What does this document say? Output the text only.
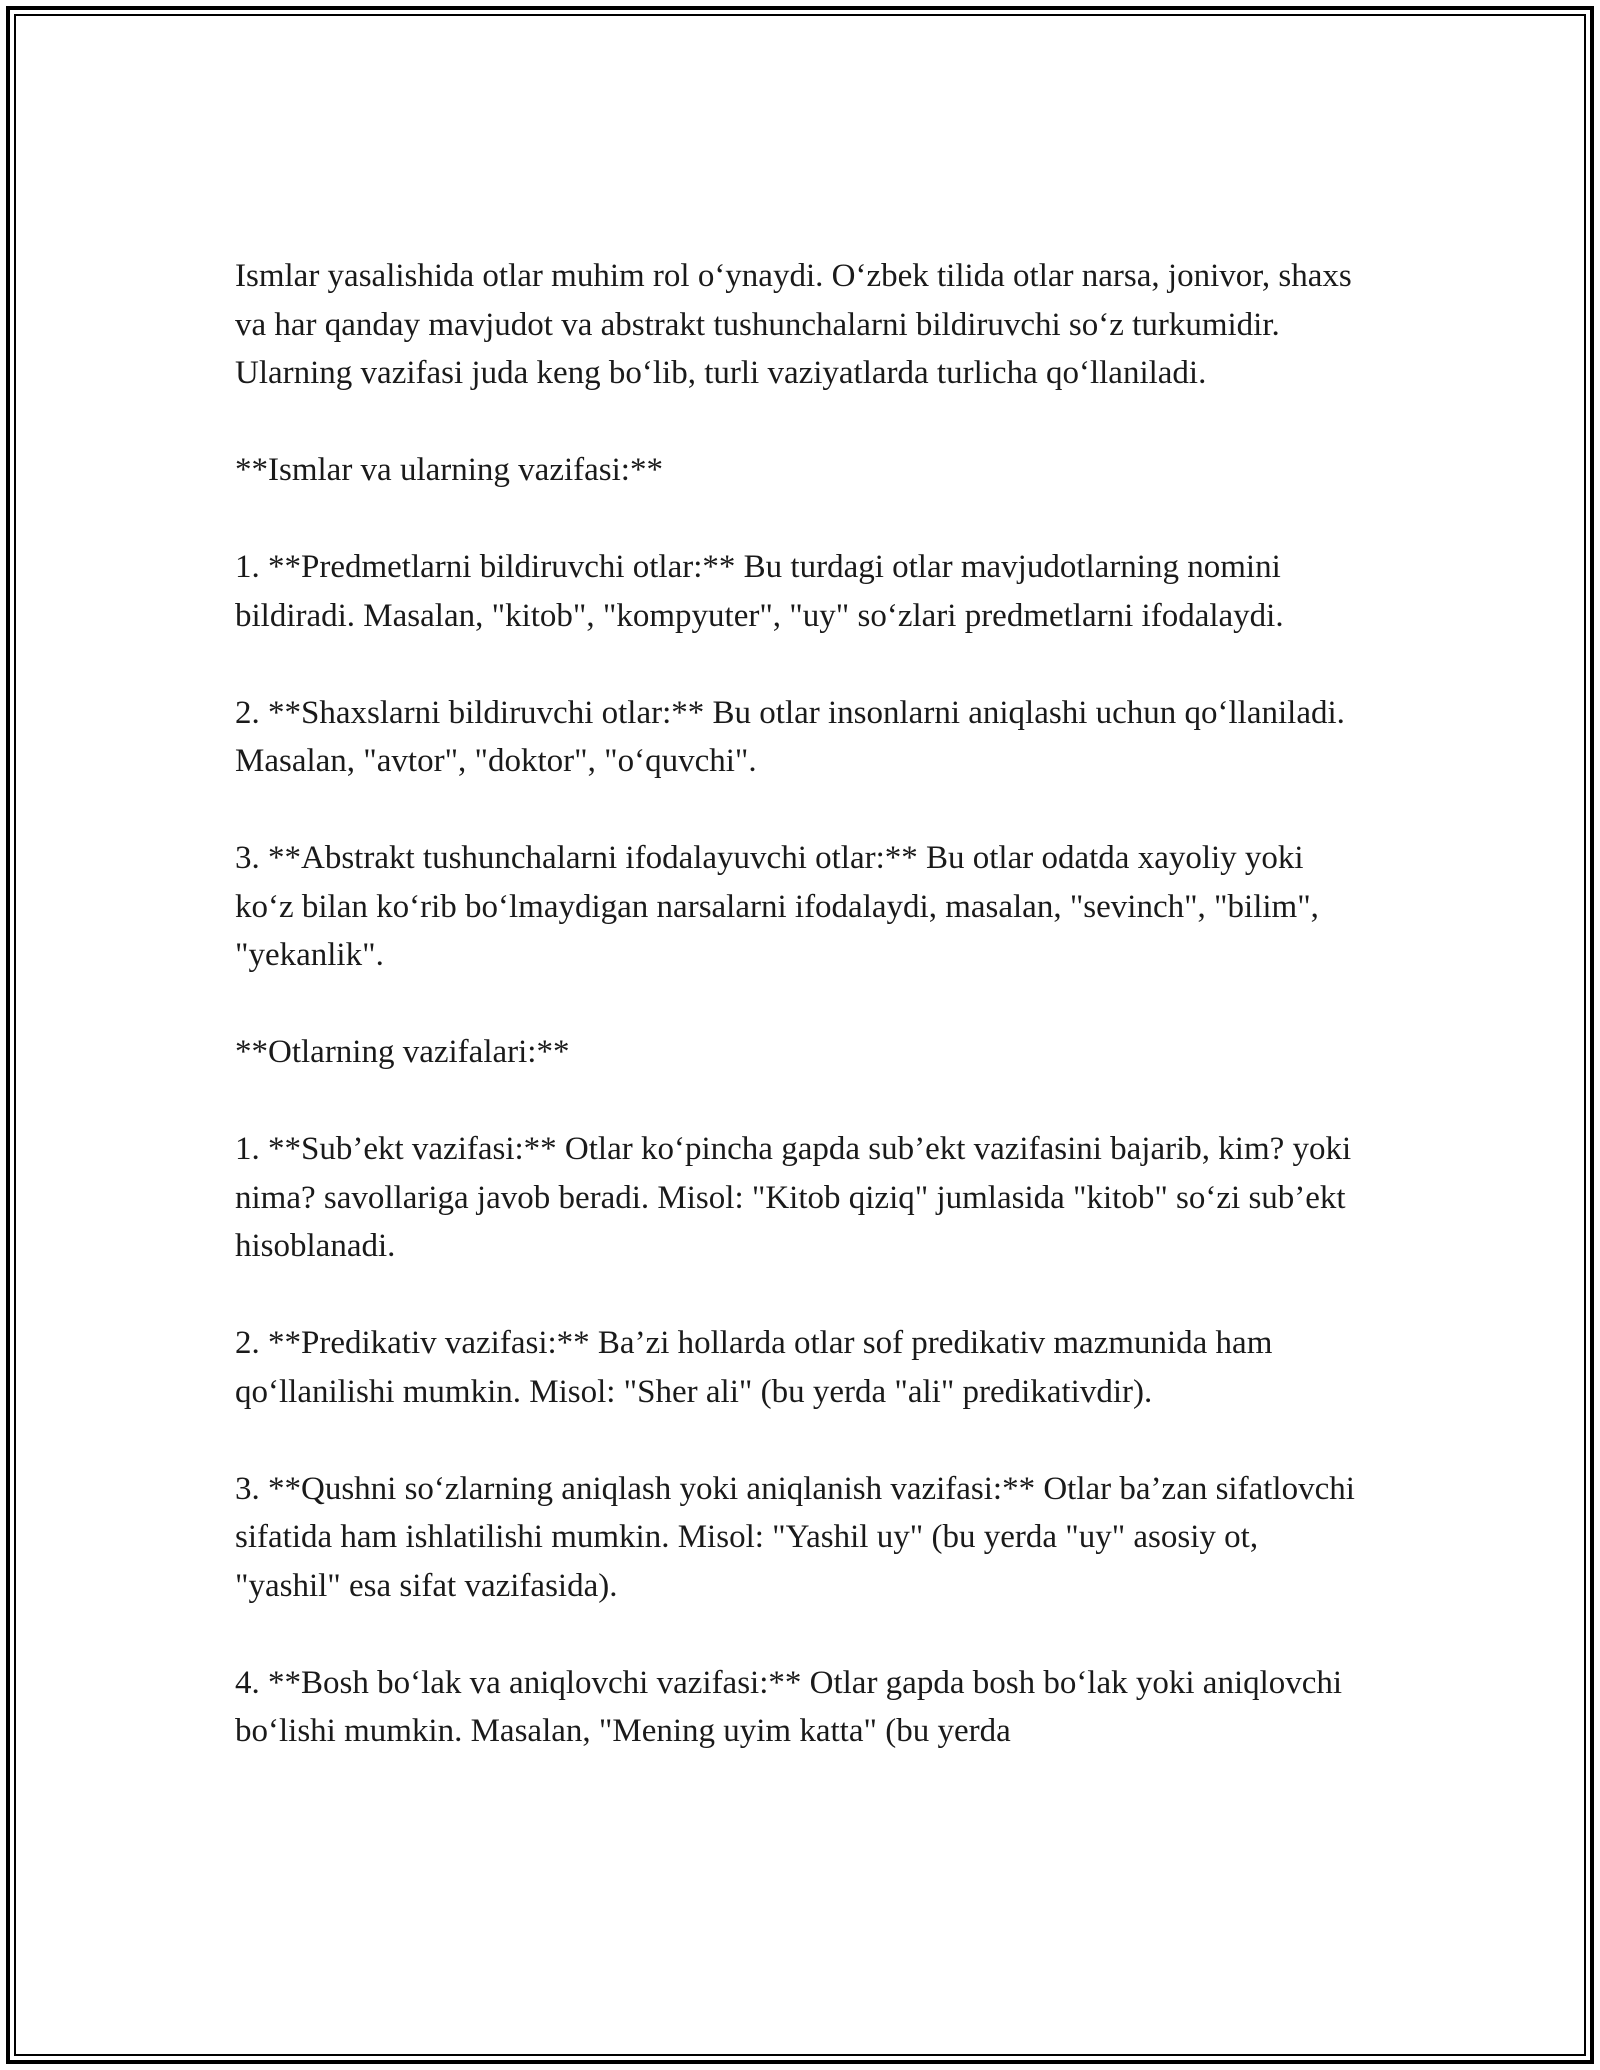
Ismlar yasalishida otlar muhim rol o‘ynaydi. O‘zbek tilida otlar narsa, jonivor, shaxs va har qanday mavjudot va abstrakt tushunchalarni bildiruvchi so‘z turkumidir. Ularning vazifasi juda keng bo‘lib, turli vaziyatlarda turlicha qo‘llaniladi.

**Ismlar va ularning vazifasi:**

1. **Predmetlarni bildiruvchi otlar:** Bu turdagi otlar mavjudotlarning nomini bildiradi. Masalan, "kitob", "kompyuter", "uy" so‘zlari predmetlarni ifodalaydi.

2. **Shaxslarni bildiruvchi otlar:** Bu otlar insonlarni aniqlashi uchun qo‘llaniladi. Masalan, "avtor", "doktor", "o‘quvchi".

3. **Abstrakt tushunchalarni ifodalayuvchi otlar:** Bu otlar odatda xayoliy yoki ko‘z bilan ko‘rib bo‘lmaydigan narsalarni ifodalaydi, masalan, "sevinch", "bilim", "yekanlik".

**Otlarning vazifalari:**

1. **Sub’ekt vazifasi:** Otlar ko‘pincha gapda sub’ekt vazifasini bajarib, kim? yoki nima? savollariga javob beradi. Misol: "Kitob qiziq" jumlasida "kitob" so‘zi sub’ekt hisoblanadi.

2. **Predikativ vazifasi:** Ba’zi hollarda otlar sof predikativ mazmunida ham qo‘llanilishi mumkin. Misol: "Sher ali" (bu yerda "ali" predikativdir).

3. **Qushni so‘zlarning aniqlash yoki aniqlanish vazifasi:** Otlar ba’zan sifatlovchi sifatida ham ishlatilishi mumkin. Misol: "Yashil uy" (bu yerda "uy" asosiy ot, "yashil" esa sifat vazifasida).

4. **Bosh bo‘lak va aniqlovchi vazifasi:** Otlar gapda bosh bo‘lak yoki aniqlovchi bo‘lishi mumkin. Masalan, "Mening uyim katta" (bu yerda
